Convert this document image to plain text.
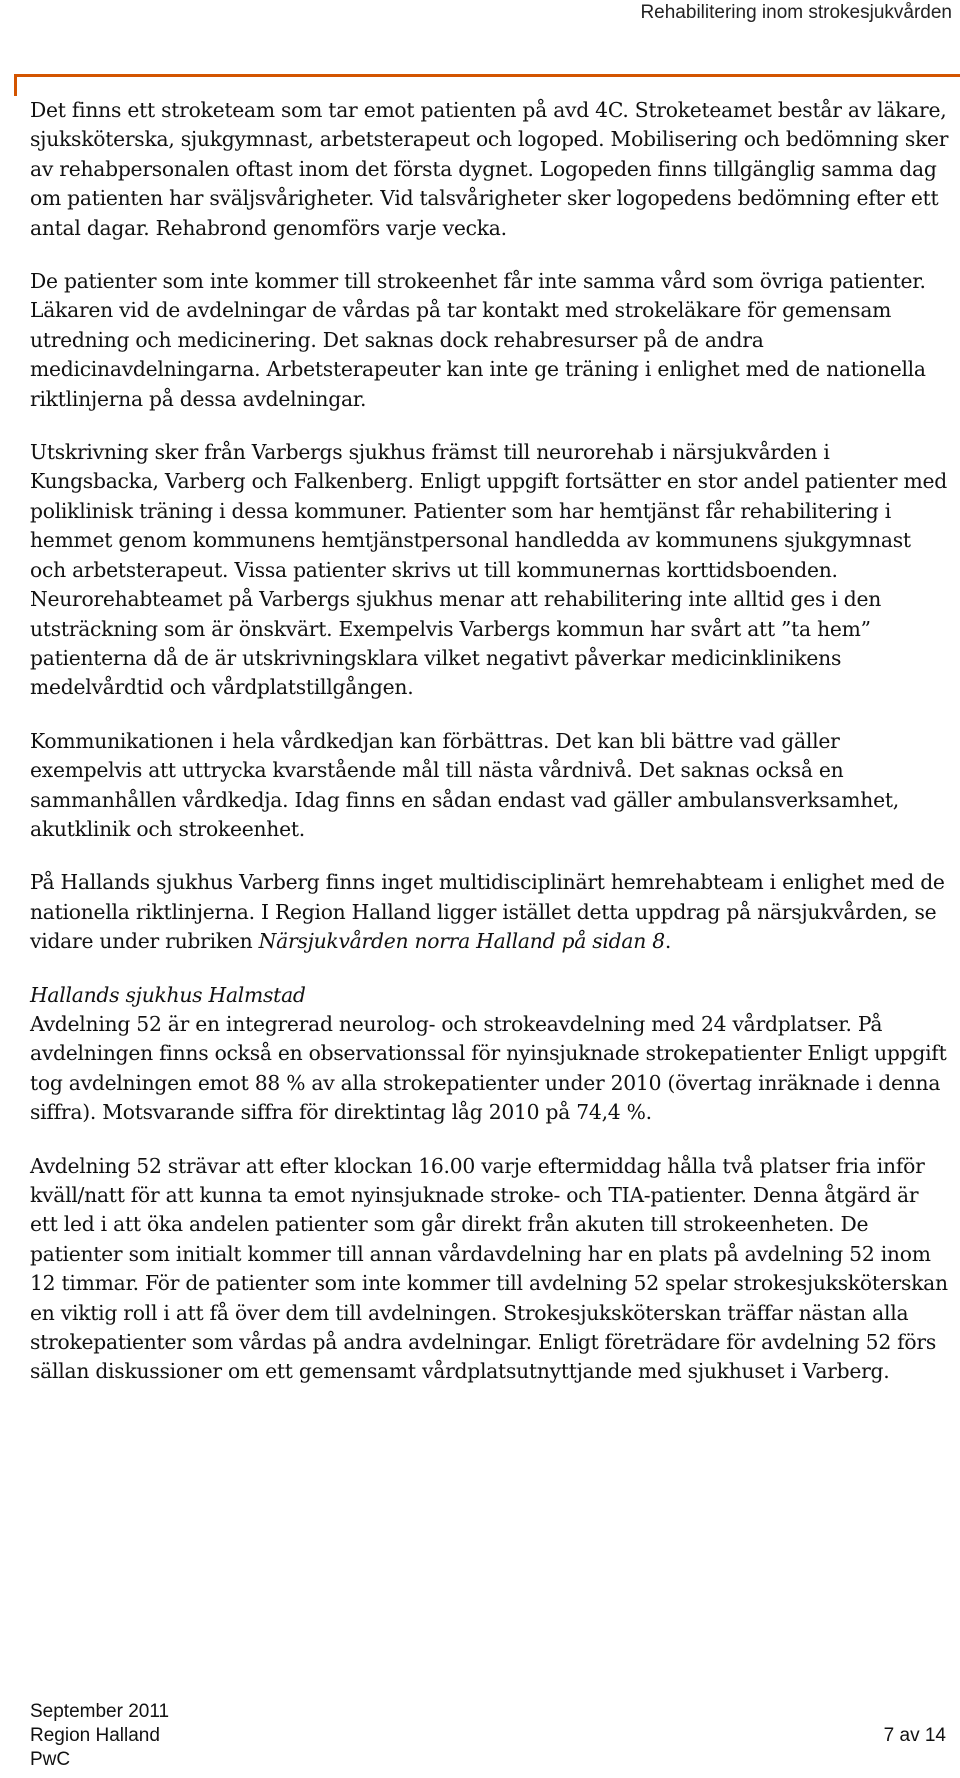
Rehabilitering inom strokesjukvården

Det finns ett stroketeam som tar emot patienten på avd 4C. Stroketeamet består av läkare, sjuksköterska, sjukgymnast, arbetsterapeut och logoped. Mobilisering och bedömning sker av rehabpersonalen oftast inom det första dygnet. Logopeden finns tillgänglig samma dag om patienten har sväljsvårigheter. Vid talsvårigheter sker logopedens bedömning efter ett antal dagar. Rehabrond genomförs varje vecka.

De patienter som inte kommer till strokeenhet får inte samma vård som övriga patienter. Läkaren vid de avdelningar de vårdas på tar kontakt med strokeläkare för gemensam utredning och medicinering. Det saknas dock rehabresurser på de andra medicinavdelningarna. Arbetsterapeuter kan inte ge träning i enlighet med de nationella riktlinjerna på dessa avdelningar.

Utskrivning sker från Varbergs sjukhus främst till neurorehab i närsjukvården i Kungsbacka, Varberg och Falkenberg. Enligt uppgift fortsätter en stor andel patienter med poliklinisk träning i dessa kommuner. Patienter som har hemtjänst får rehabilitering i hemmet genom kommunens hemtjänstpersonal handledda av kommunens sjukgymnast och arbetsterapeut. Vissa patienter skrivs ut till kommunernas korttidsboenden. Neurorehabteamet på Varbergs sjukhus menar att rehabilitering inte alltid ges i den utsträckning som är önskvärt. Exempelvis Varbergs kommun har svårt att ”ta hem” patienterna då de är utskrivningsklara vilket negativt påverkar medicinklinikens medelvårdtid och vårdplatstillgången.

Kommunikationen i hela vårdkedjan kan förbättras. Det kan bli bättre vad gäller exempelvis att uttrycka kvarstående mål till nästa vårdnivå. Det saknas också en sammanhållen vårdkedja. Idag finns en sådan endast vad gäller ambulansverksamhet, akutklinik och strokeenhet.

På Hallands sjukhus Varberg finns inget multidisciplinärt hemrehabteam i enlighet med de nationella riktlinjerna. I Region Halland ligger istället detta uppdrag på närsjukvården, se vidare under rubriken Närsjukvården norra Halland på sidan 8.

Hallands sjukhus Halmstad
Avdelning 52 är en integrerad neurolog- och strokeavdelning med 24 vårdplatser. På avdelningen finns också en observationssal för nyinsjuknade strokepatienter Enligt uppgift tog avdelningen emot 88 % av alla strokepatienter under 2010 (övertag inräknade i denna siffra). Motsvarande siffra för direktintag låg 2010 på 74,4 %.

Avdelning 52 strävar att efter klockan 16.00 varje eftermiddag hålla två platser fria inför kväll/natt för att kunna ta emot nyinsjuknade stroke- och TIA-patienter. Denna åtgärd är ett led i att öka andelen patienter som går direkt från akuten till strokeenheten. De patienter som initialt kommer till annan vårdavdelning har en plats på avdelning 52 inom 12 timmar. För de patienter som inte kommer till avdelning 52 spelar strokesjuksköterskan en viktig roll i att få över dem till avdelningen. Strokesjuksköterskan träffar nästan alla strokepatienter som vårdas på andra avdelningar. Enligt företrädare för avdelning 52 förs sällan diskussioner om ett gemensamt vårdplatsutnyttjande med sjukhuset i Varberg.

September 2011
Region Halland	7 av 14
PwC
